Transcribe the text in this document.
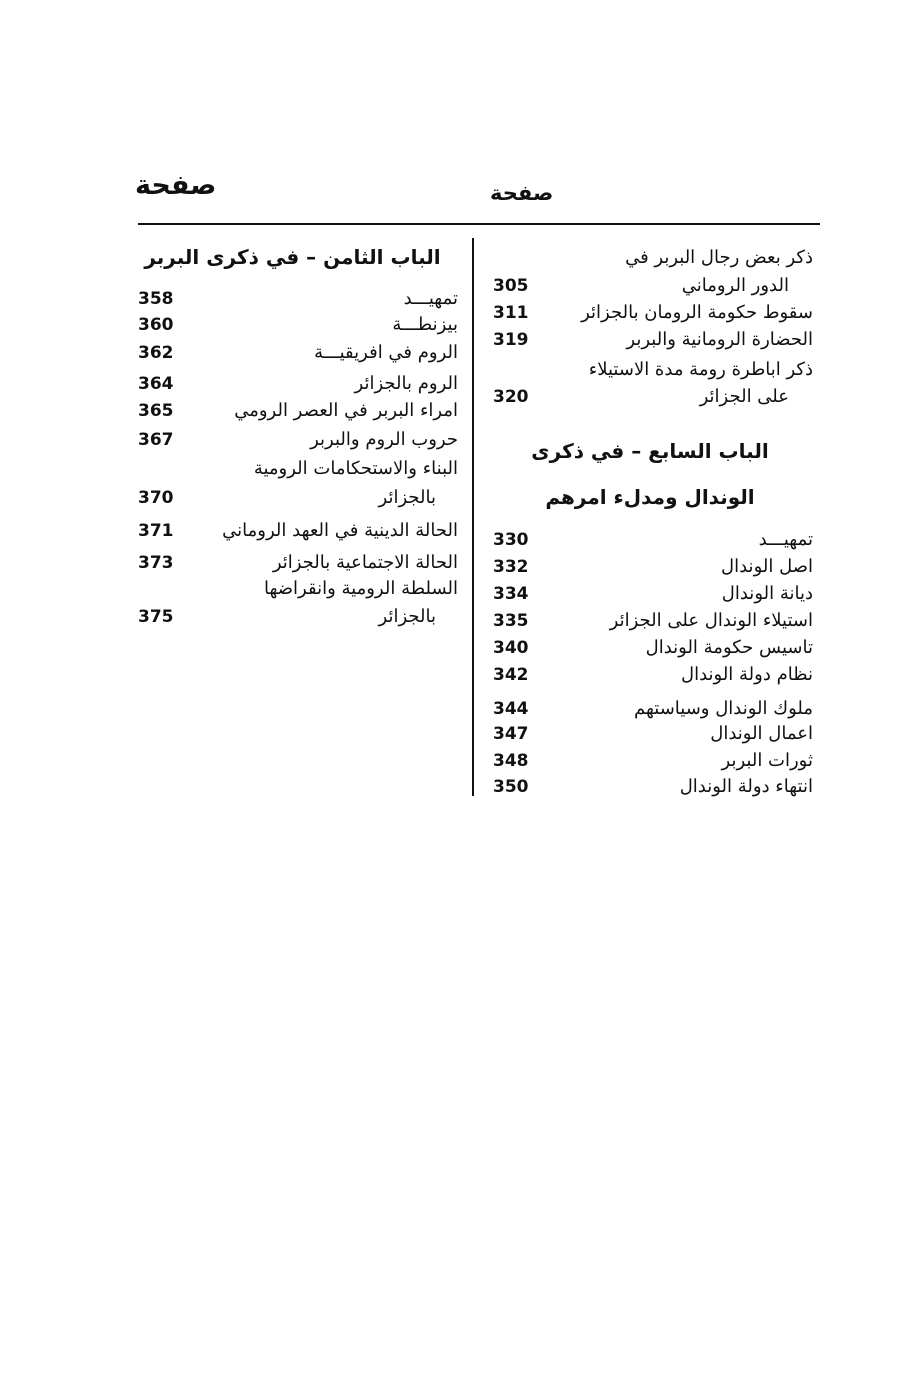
صفحة	صفحة
ذكر بعض رجال البربر في
الدور الروماني
305
سقوط حكومة الرومان بالجزائر
311
الحضارة الرومانية والبربر
319
ذكر اباطرة رومة مدة الاستيلاء
على الجزائر
320
الباب السابع – في ذكرى
الوندال ومدلء امرهم
تمهيـــد
330
اصل الوندال
332
ديانة الوندال
334
استيلاء الوندال على الجزائر
335
تاسيس حكومة الوندال
340
نظام دولة الوندال
342
ملوك الوندال وسياستهم
344
اعمال الوندال
347
ثورات البربر
348
انتهاء دولة الوندال
350
الباب الثامن – في ذكرى البربر
تمهيـــد
358
بيزنطـــة
360
الروم في افريقيـــة
362
الروم بالجزائر
364
امراء البربر في العصر الرومي
365
حروب الروم والبربر
367
البناء والاستحكامات الرومية
بالجزائر
370
الحالة الدينية في العهد الروماني
371
الحالة الاجتماعية بالجزائر
373
السلطة الرومية وانقراضها
بالجزائر
375
